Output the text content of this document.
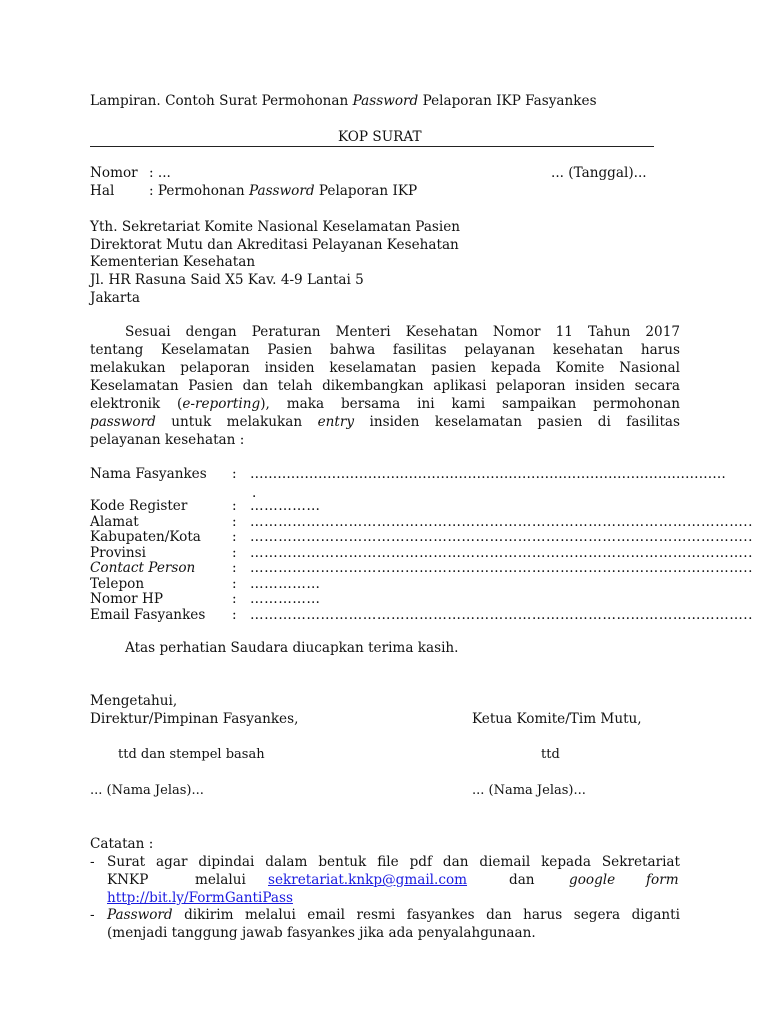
Lampiran. Contoh Surat Permohonan Password Pelaporan IKP Fasyankes
KOP SURAT
Nomor : ...	... (Tanggal)...
Hal	: Permohonan Password Pelaporan IKP
Yth. Sekretariat Komite Nasional Keselamatan Pasien
Direktorat Mutu dan Akreditasi Pelayanan Kesehatan
Kementerian Kesehatan
Jl. HR Rasuna Said X5 Kav. 4-9 Lantai 5
Jakarta
Sesuai dengan Peraturan Menteri Kesehatan Nomor 11 Tahun 2017
tentang Keselamatan Pasien bahwa fasilitas pelayanan kesehatan harus
melakukan pelaporan insiden keselamatan pasien kepada Komite Nasional
Keselamatan Pasien dan telah dikembangkan aplikasi pelaporan insiden secara
elektronik (e-reporting), maka bersama ini kami sampaikan permohonan
password untuk melakukan entry insiden keselamatan pasien di fasilitas
pelayanan kesehatan :
Nama Fasyankes : ……………………………………………………………………………………………
.
Kode Register	: ……………
Alamat	: ……………………………………………………………………………………………..
Kabupaten/Kota : ……………………………………………………………………………………………..
Provinsi	: ……………………………………………………………………………………………..
Contact Person	: ……………………………………………………………………………………………..
Telepon	: ……………
Nomor HP	: ……………
Email Fasyankes : ……………………………………………………………………………………………..
Atas perhatian Saudara diucapkan terima kasih.
Mengetahui,
Direktur/Pimpinan Fasyankes,	Ketua Komite/Tim Mutu,
ttd dan stempel basah	ttd
... (Nama Jelas)...	... (Nama Jelas)...
Catatan :
- Surat agar dipindai dalam bentuk file pdf dan diemail kepada Sekretariat
KNKP	melalui sekretariat.knkp@gmail.com	dan	google form
http://bit.ly/FormGantiPass
- Password dikirim melalui email resmi fasyankes dan harus segera diganti
(menjadi tanggung jawab fasyankes jika ada penyalahgunaan.
